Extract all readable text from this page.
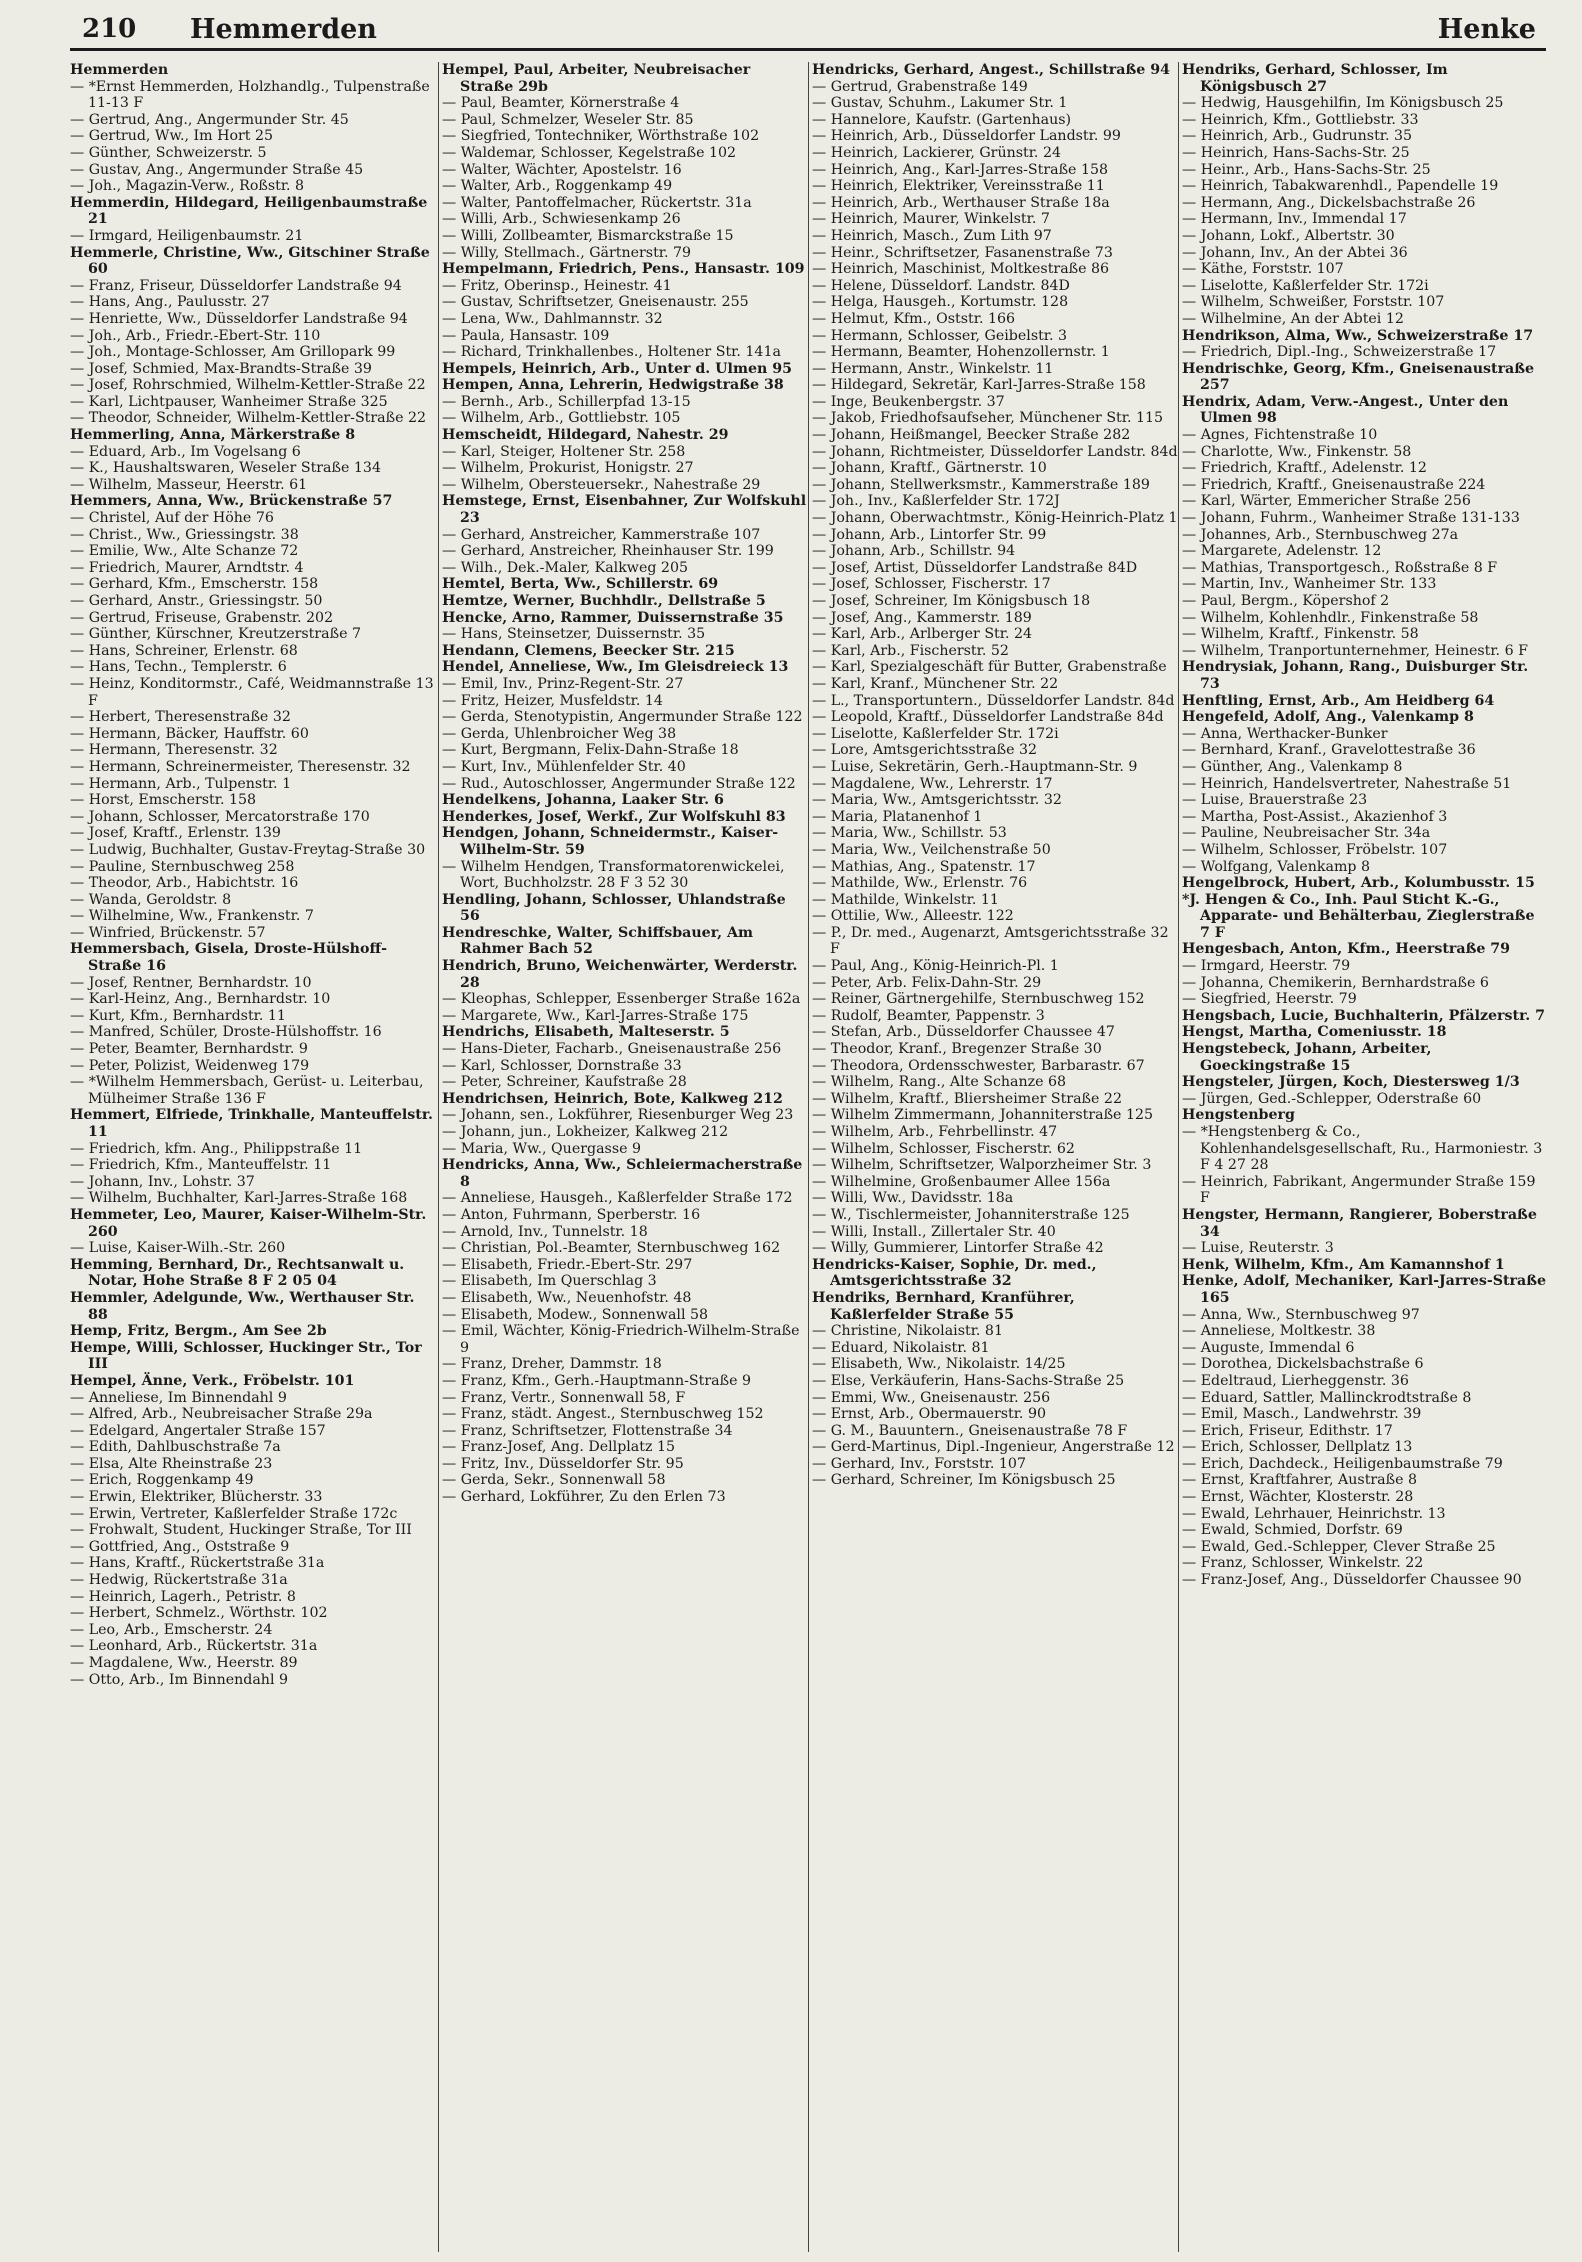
210 Hemmerden	Henke
Hemmerden
— *Ernst Hemmerden, Holzhandlg., Tulpenstraße 11-13 F
— Gertrud, Ang., Angermunder Str. 45
— Gertrud, Ww., Im Hort 25
— Günther, Schweizerstr. 5
— Gustav, Ang., Angermunder Straße 45
— Joh., Magazin-Verw., Roßstr. 8
Hemmerdin, Hildegard, Heiligenbaumstraße 21
— Irmgard, Heiligenbaumstr. 21
Hemmerle, Christine, Ww., Gitschiner Straße 60
— Franz, Friseur, Düsseldorfer Landstraße 94
— Hans, Ang., Paulusstr. 27
— Henriette, Ww., Düsseldorfer Landstraße 94
— Joh., Arb., Friedr.-Ebert-Str. 110
— Joh., Montage-Schlosser, Am Grillopark 99
— Josef, Schmied, Max-Brandts-Straße 39
— Josef, Rohrschmied, Wilhelm-Kettler-Straße 22
— Karl, Lichtpauser, Wanheimer Straße 325
— Theodor, Schneider, Wilhelm-Kettler-Straße 22
Hemmerling, Anna, Märkerstraße 8
— Eduard, Arb., Im Vogelsang 6
— K., Haushaltswaren, Weseler Straße 134
— Wilhelm, Masseur, Heerstr. 61
Hemmers, Anna, Ww., Brückenstraße 57
— Christel, Auf der Höhe 76
— Christ., Ww., Griessingstr. 38
— Emilie, Ww., Alte Schanze 72
— Friedrich, Maurer, Arndtstr. 4
— Gerhard, Kfm., Emscherstr. 158
— Gerhard, Anstr., Griessingstr. 50
— Gertrud, Friseuse, Grabenstr. 202
— Günther, Kürschner, Kreutzerstraße 7
— Hans, Schreiner, Erlenstr. 68
— Hans, Techn., Templerstr. 6
— Heinz, Konditormstr., Café, Weidmannstraße 13 F
— Herbert, Theresenstraße 32
— Hermann, Bäcker, Hauffstr. 60
— Hermann, Theresenstr. 32
— Hermann, Schreinermeister, Theresenstr. 32
— Hermann, Arb., Tulpenstr. 1
— Horst, Emscherstr. 158
— Johann, Schlosser, Mercatorstraße 170
— Josef, Kraftf., Erlenstr. 139
— Ludwig, Buchhalter, Gustav-Freytag-Straße 30
— Pauline, Sternbuschweg 258
— Theodor, Arb., Habichtstr. 16
— Wanda, Geroldstr. 8
— Wilhelmine, Ww., Frankenstr. 7
— Winfried, Brückenstr. 57
Hemmersbach, Gisela, Droste-Hülshoff-Straße 16
— Josef, Rentner, Bernhardstr. 10
— Karl-Heinz, Ang., Bernhardstr. 10
— Kurt, Kfm., Bernhardstr. 11
— Manfred, Schüler, Droste-Hülshoffstr. 16
— Peter, Beamter, Bernhardstr. 9
— Peter, Polizist, Weidenweg 179
— *Wilhelm Hemmersbach, Gerüst- u. Leiterbau, Mülheimer Straße 136 F
Hemmert, Elfriede, Trinkhalle, Manteuffelstr. 11
— Friedrich, kfm. Ang., Philippstraße 11
— Friedrich, Kfm., Manteuffelstr. 11
— Johann, Inv., Lohstr. 37
— Wilhelm, Buchhalter, Karl-Jarres-Straße 168
Hemmeter, Leo, Maurer, Kaiser-Wilhelm-Str. 260
— Luise, Kaiser-Wilh.-Str. 260
Hemming, Bernhard, Dr., Rechtsanwalt u. Notar, Hohe Straße 8 F 2 05 04
Hemmler, Adelgunde, Ww., Werthauser Str. 88
Hemp, Fritz, Bergm., Am See 2b
Hempe, Willi, Schlosser, Huckinger Str., Tor III
Hempel, Änne, Verk., Fröbelstr. 101
— Anneliese, Im Binnendahl 9
— Alfred, Arb., Neubreisacher Straße 29a
— Edelgard, Angertaler Straße 157
— Edith, Dahlbuschstraße 7a
— Elsa, Alte Rheinstraße 23
— Erich, Roggenkamp 49
— Erwin, Elektriker, Blücherstr. 33
— Erwin, Vertreter, Kaßlerfelder Straße 172c
— Frohwalt, Student, Huckinger Straße, Tor III
— Gottfried, Ang., Oststraße 9
— Hans, Kraftf., Rückertstraße 31a
— Hedwig, Rückertstraße 31a
— Heinrich, Lagerh., Petristr. 8
— Herbert, Schmelz., Wörthstr. 102
— Leo, Arb., Emscherstr. 24
— Leonhard, Arb., Rückertstr. 31a
— Magdalene, Ww., Heerstr. 89
— Otto, Arb., Im Binnendahl 9
Hempel, Paul, Arbeiter, Neubreisacher Straße 29b
— Paul, Beamter, Körnerstraße 4
— Paul, Schmelzer, Weseler Str. 85
— Siegfried, Tontechniker, Wörthstraße 102
— Waldemar, Schlosser, Kegelstraße 102
— Walter, Wächter, Apostelstr. 16
— Walter, Arb., Roggenkamp 49
— Walter, Pantoffelmacher, Rückertstr. 31a
— Willi, Arb., Schwiesenkamp 26
— Willi, Zollbeamter, Bismarckstraße 15
— Willy, Stellmach., Gärtnerstr. 79
Hempelmann, Friedrich, Pens., Hansastr. 109
— Fritz, Oberinsp., Heinestr. 41
— Gustav, Schriftsetzer, Gneisenaustr. 255
— Lena, Ww., Dahlmannstr. 32
— Paula, Hansastr. 109
— Richard, Trinkhallenbes., Holtener Str. 141a
Hempels, Heinrich, Arb., Unter d. Ulmen 95
Hempen, Anna, Lehrerin, Hedwigstraße 38
— Bernh., Arb., Schillerpfad 13-15
— Wilhelm, Arb., Gottliebstr. 105
Hemscheidt, Hildegard, Nahestr. 29
— Karl, Steiger, Holtener Str. 258
— Wilhelm, Prokurist, Honigstr. 27
— Wilhelm, Obersteuersekr., Nahestraße 29
Hemstege, Ernst, Eisenbahner, Zur Wolfskuhl 23
— Gerhard, Anstreicher, Kammerstraße 107
— Gerhard, Anstreicher, Rheinhauser Str. 199
— Wilh., Dek.-Maler, Kalkweg 205
Hemtel, Berta, Ww., Schillerstr. 69
Hemtze, Werner, Buchhdlr., Dellstraße 5
Hencke, Arno, Rammer, Duissernstraße 35
— Hans, Steinsetzer, Duissernstr. 35
Hendann, Clemens, Beecker Str. 215
Hendel, Anneliese, Ww., Im Gleisdreieck 13
— Emil, Inv., Prinz-Regent-Str. 27
— Fritz, Heizer, Musfeldstr. 14
— Gerda, Stenotypistin, Angermunder Straße 122
— Gerda, Uhlenbroicher Weg 38
— Kurt, Bergmann, Felix-Dahn-Straße 18
— Kurt, Inv., Mühlenfelder Str. 40
— Rud., Autoschlosser, Angermunder Straße 122
Hendelkens, Johanna, Laaker Str. 6
Henderkes, Josef, Werkf., Zur Wolfskuhl 83
Hendgen, Johann, Schneidermstr., Kaiser-Wilhelm-Str. 59
— Wilhelm Hendgen, Transformatorenwickelei, Wort, Buchholzstr. 28 F 3 52 30
Hendling, Johann, Schlosser, Uhlandstraße 56
Hendreschke, Walter, Schiffsbauer, Am Rahmer Bach 52
Hendrich, Bruno, Weichenwärter, Werderstr. 28
— Kleophas, Schlepper, Essenberger Straße 162a
— Margarete, Ww., Karl-Jarres-Straße 175
Hendrichs, Elisabeth, Malteserstr. 5
— Hans-Dieter, Facharb., Gneisenaustraße 256
— Karl, Schlosser, Dornstraße 33
— Peter, Schreiner, Kaufstraße 28
Hendrichsen, Heinrich, Bote, Kalkweg 212
— Johann, sen., Lokführer, Riesenburger Weg 23
— Johann, jun., Lokheizer, Kalkweg 212
— Maria, Ww., Quergasse 9
Hendricks, Anna, Ww., Schleiermacherstraße 8
— Anneliese, Hausgeh., Kaßlerfelder Straße 172
— Anton, Fuhrmann, Sperberstr. 16
— Arnold, Inv., Tunnelstr. 18
— Christian, Pol.-Beamter, Sternbuschweg 162
— Elisabeth, Friedr.-Ebert-Str. 297
— Elisabeth, Im Querschlag 3
— Elisabeth, Ww., Neuenhofstr. 48
— Elisabeth, Modew., Sonnenwall 58
— Emil, Wächter, König-Friedrich-Wilhelm-Straße 9
— Franz, Dreher, Dammstr. 18
— Franz, Kfm., Gerh.-Hauptmann-Straße 9
— Franz, Vertr., Sonnenwall 58, F
— Franz, städt. Angest., Sternbuschweg 152
— Franz, Schriftsetzer, Flottenstraße 34
— Franz-Josef, Ang. Dellplatz 15
— Fritz, Inv., Düsseldorfer Str. 95
— Gerda, Sekr., Sonnenwall 58
— Gerhard, Lokführer, Zu den Erlen 73
Hendricks, Gerhard, Angest., Schillstraße 94
— Gertrud, Grabenstraße 149
— Gustav, Schuhm., Lakumer Str. 1
— Hannelore, Kaufstr. (Gartenhaus)
— Heinrich, Arb., Düsseldorfer Landstr. 99
— Heinrich, Lackierer, Grünstr. 24
— Heinrich, Ang., Karl-Jarres-Straße 158
— Heinrich, Elektriker, Vereinsstraße 11
— Heinrich, Arb., Werthauser Straße 18a
— Heinrich, Maurer, Winkelstr. 7
— Heinrich, Masch., Zum Lith 97
— Heinr., Schriftsetzer, Fasanenstraße 73
— Heinrich, Maschinist, Moltkestraße 86
— Helene, Düsseldorf. Landstr. 84D
— Helga, Hausgeh., Kortumstr. 128
— Helmut, Kfm., Oststr. 166
— Hermann, Schlosser, Geibelstr. 3
— Hermann, Beamter, Hohenzollernstr. 1
— Hermann, Anstr., Winkelstr. 11
— Hildegard, Sekretär, Karl-Jarres-Straße 158
— Inge, Beukenbergstr. 37
— Jakob, Friedhofsaufseher, Münchener Str. 115
— Johann, Heißmangel, Beecker Straße 282
— Johann, Richtmeister, Düsseldorfer Landstr. 84d
— Johann, Kraftf., Gärtnerstr. 10
— Johann, Stellwerksmstr., Kammerstraße 189
— Joh., Inv., Kaßlerfelder Str. 172J
— Johann, Oberwachtmstr., König-Heinrich-Platz 1
— Johann, Arb., Lintorfer Str. 99
— Johann, Arb., Schillstr. 94
— Josef, Artist, Düsseldorfer Landstraße 84D
— Josef, Schlosser, Fischerstr. 17
— Josef, Schreiner, Im Königsbusch 18
— Josef, Ang., Kammerstr. 189
— Karl, Arb., Arlberger Str. 24
— Karl, Arb., Fischerstr. 52
— Karl, Spezialgeschäft für Butter, Grabenstraße
— Karl, Kranf., Münchener Str. 22
— L., Transportuntern., Düsseldorfer Landstr. 84d
— Leopold, Kraftf., Düsseldorfer Landstraße 84d
— Liselotte, Kaßlerfelder Str. 172i
— Lore, Amtsgerichtsstraße 32
— Luise, Sekretärin, Gerh.-Hauptmann-Str. 9
— Magdalene, Ww., Lehrerstr. 17
— Maria, Ww., Amtsgerichtsstr. 32
— Maria, Platanenhof 1
— Maria, Ww., Schillstr. 53
— Maria, Ww., Veilchenstraße 50
— Mathias, Ang., Spatenstr. 17
— Mathilde, Ww., Erlenstr. 76
— Mathilde, Winkelstr. 11
— Ottilie, Ww., Alleestr. 122
— P., Dr. med., Augenarzt, Amtsgerichtsstraße 32 F
— Paul, Ang., König-Heinrich-Pl. 1
— Peter, Arb. Felix-Dahn-Str. 29
— Reiner, Gärtnergehilfe, Sternbuschweg 152
— Rudolf, Beamter, Pappenstr. 3
— Stefan, Arb., Düsseldorfer Chaussee 47
— Theodor, Kranf., Bregenzer Straße 30
— Theodora, Ordensschwester, Barbarastr. 67
— Wilhelm, Rang., Alte Schanze 68
— Wilhelm, Kraftf., Bliersheimer Straße 22
— Wilhelm Zimmermann, Johanniterstraße 125
— Wilhelm, Arb., Fehrbellinstr. 47
— Wilhelm, Schlosser, Fischerstr. 62
— Wilhelm, Schriftsetzer, Walporzheimer Str. 3
— Wilhelmine, Großenbaumer Allee 156a
— Willi, Ww., Davidsstr. 18a
— W., Tischlermeister, Johanniterstraße 125
— Willi, Install., Zillertaler Str. 40
— Willy, Gummierer, Lintorfer Straße 42
Hendricks-Kaiser, Sophie, Dr. med., Amtsgerichtsstraße 32
Hendriks, Bernhard, Kranführer, Kaßlerfelder Straße 55
— Christine, Nikolaistr. 81
— Eduard, Nikolaistr. 81
— Elisabeth, Ww., Nikolaistr. 14/25
— Else, Verkäuferin, Hans-Sachs-Straße 25
— Emmi, Ww., Gneisenaustr. 256
— Ernst, Arb., Obermauerstr. 90
— G. M., Bauuntern., Gneisenaustraße 78 F
— Gerd-Martinus, Dipl.-Ingenieur, Angerstraße 12
— Gerhard, Inv., Forststr. 107
— Gerhard, Schreiner, Im Königsbusch 25
Hendriks, Gerhard, Schlosser, Im Königsbusch 27
— Hedwig, Hausgehilfin, Im Königsbusch 25
— Heinrich, Kfm., Gottliebstr. 33
— Heinrich, Arb., Gudrunstr. 35
— Heinrich, Hans-Sachs-Str. 25
— Heinr., Arb., Hans-Sachs-Str. 25
— Heinrich, Tabakwarenhdl., Papendelle 19
— Hermann, Ang., Dickelsbachstraße 26
— Hermann, Inv., Immendal 17
— Johann, Lokf., Albertstr. 30
— Johann, Inv., An der Abtei 36
— Käthe, Forststr. 107
— Liselotte, Kaßlerfelder Str. 172i
— Wilhelm, Schweißer, Forststr. 107
— Wilhelmine, An der Abtei 12
Hendrikson, Alma, Ww., Schweizerstraße 17
— Friedrich, Dipl.-Ing., Schweizerstraße 17
Hendrischke, Georg, Kfm., Gneisenaustraße 257
Hendrix, Adam, Verw.-Angest., Unter den Ulmen 98
— Agnes, Fichtenstraße 10
— Charlotte, Ww., Finkenstr. 58
— Friedrich, Kraftf., Adelenstr. 12
— Friedrich, Kraftf., Gneisenaustraße 224
— Karl, Wärter, Emmericher Straße 256
— Johann, Fuhrm., Wanheimer Straße 131-133
— Johannes, Arb., Sternbuschweg 27a
— Margarete, Adelenstr. 12
— Mathias, Transportgesch., Roßstraße 8 F
— Martin, Inv., Wanheimer Str. 133
— Paul, Bergm., Köpershof 2
— Wilhelm, Kohlenhdlr., Finkenstraße 58
— Wilhelm, Kraftf., Finkenstr. 58
— Wilhelm, Tranportunternehmer, Heinestr. 6 F
Hendrysiak, Johann, Rang., Duisburger Str. 73
Henftling, Ernst, Arb., Am Heidberg 64
Hengefeld, Adolf, Ang., Valenkamp 8
— Anna, Werthacker-Bunker
— Bernhard, Kranf., Gravelottestraße 36
— Günther, Ang., Valenkamp 8
— Heinrich, Handelsvertreter, Nahestraße 51
— Luise, Brauerstraße 23
— Martha, Post-Assist., Akazienhof 3
— Pauline, Neubreisacher Str. 34a
— Wilhelm, Schlosser, Fröbelstr. 107
— Wolfgang, Valenkamp 8
Hengelbrock, Hubert, Arb., Kolumbusstr. 15
*J. Hengen & Co., Inh. Paul Sticht K.-G., Apparate- und Behälterbau, Zieglerstraße 7 F
Hengesbach, Anton, Kfm., Heerstraße 79
— Irmgard, Heerstr. 79
— Johanna, Chemikerin, Bernhardstraße 6
— Siegfried, Heerstr. 79
Hengsbach, Lucie, Buchhalterin, Pfälzerstr. 7
Hengst, Martha, Comeniusstr. 18
Hengstebeck, Johann, Arbeiter, Goeckingstraße 15
Hengsteler, Jürgen, Koch, Diestersweg 1/3
— Jürgen, Ged.-Schlepper, Oderstraße 60
Hengstenberg
— *Hengstenberg & Co., Kohlenhandelsgesellschaft, Ru., Harmoniestr. 3 F 4 27 28
— Heinrich, Fabrikant, Angermunder Straße 159 F
Hengster, Hermann, Rangierer, Boberstraße 34
— Luise, Reuterstr. 3
Henk, Wilhelm, Kfm., Am Kamannshof 1
Henke, Adolf, Mechaniker, Karl-Jarres-Straße 165
— Anna, Ww., Sternbuschweg 97
— Anneliese, Moltkestr. 38
— Auguste, Immendal 6
— Dorothea, Dickelsbachstraße 6
— Edeltraud, Lierheggenstr. 36
— Eduard, Sattler, Mallinckrodtstraße 8
— Emil, Masch., Landwehrstr. 39
— Erich, Friseur, Edithstr. 17
— Erich, Schlosser, Dellplatz 13
— Erich, Dachdeck., Heiligenbaumstraße 79
— Ernst, Kraftfahrer, Austraße 8
— Ernst, Wächter, Klosterstr. 28
— Ewald, Lehrhauer, Heinrichstr. 13
— Ewald, Schmied, Dorfstr. 69
— Ewald, Ged.-Schlepper, Clever Straße 25
— Franz, Schlosser, Winkelstr. 22
— Franz-Josef, Ang., Düsseldorfer Chaussee 90
